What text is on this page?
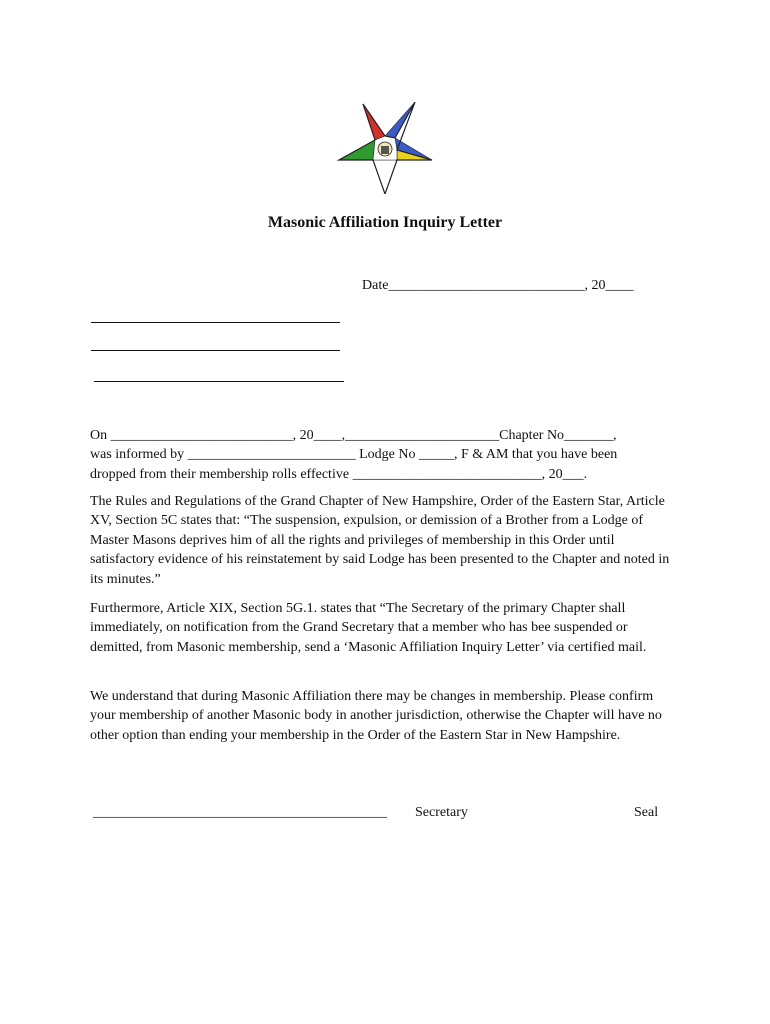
Masonic Affiliation Inquiry Letter
Date____________________________, 20____
On __________________________, 20____,______________________Chapter No_______,
was informed by ________________________ Lodge No _____, F & AM that you have been
dropped from their membership rolls effective ___________________________, 20___.
The Rules and Regulations of the Grand Chapter of New Hampshire, Order of the Eastern Star, Article XV, Section 5C states that: “The suspension, expulsion, or demission of a Brother from a Lodge of Master Masons deprives him of all the rights and privileges of membership in this Order until satisfactory evidence of his reinstatement by said Lodge has been presented to the Chapter and noted in its minutes.”
Furthermore, Article XIX, Section 5G.1. states that “The Secretary of the primary Chapter shall immediately, on notification from the Grand Secretary that a member who has bee suspended or demitted, from Masonic membership, send a ‘Masonic Affiliation Inquiry Letter’ via certified mail.
We understand that during Masonic Affiliation there may be changes in membership. Please confirm your membership of another Masonic body in another jurisdiction, otherwise the Chapter will have no other option than ending your membership in the Order of the Eastern Star in New Hampshire.
__________________________________________ Secretary	Seal
